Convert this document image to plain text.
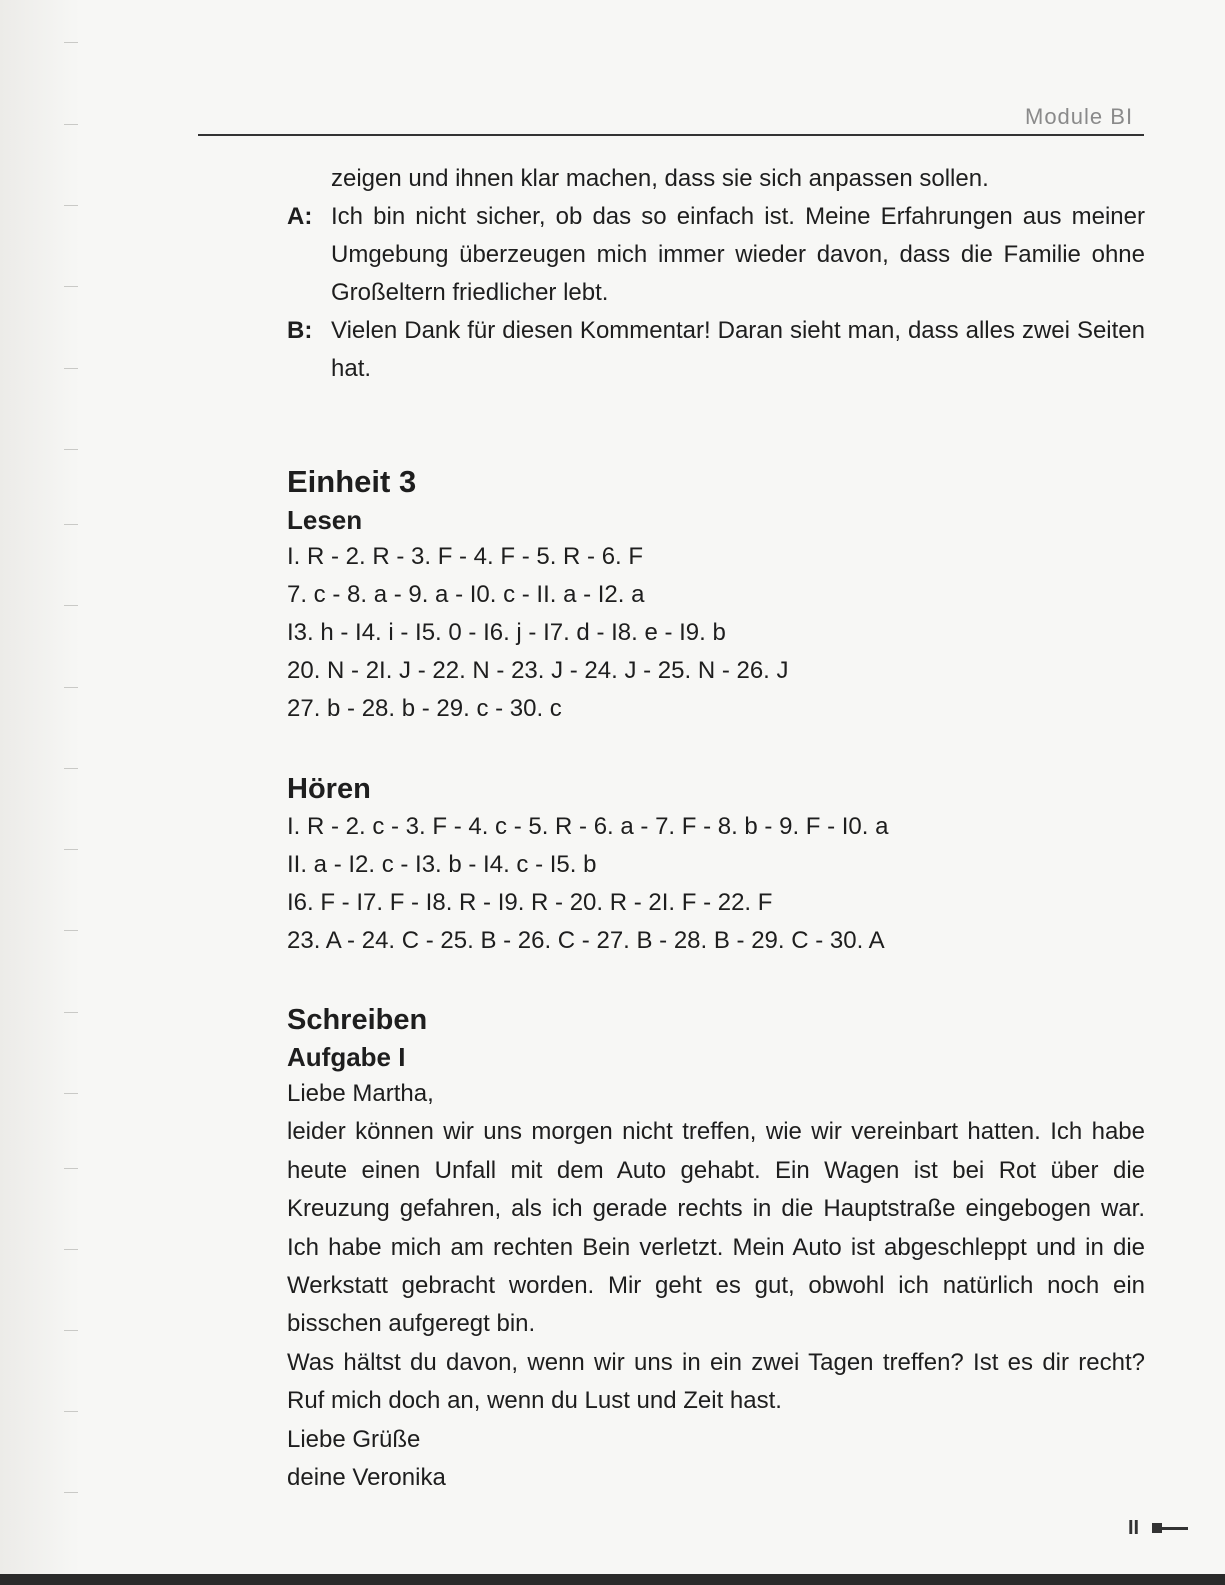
Module BI
zeigen und ihnen klar machen, dass sie sich anpassen sollen.
A: Ich bin nicht sicher, ob das so einfach ist. Meine Erfahrungen aus meiner Umgebung überzeugen mich immer wieder davon, dass die Familie ohne Großeltern friedlicher lebt.
B: Vielen Dank für diesen Kommentar! Daran sieht man, dass alles zwei Seiten hat.
Einheit 3
Lesen

I. R - 2. R - 3. F - 4. F - 5. R - 6. F

7. c - 8. a - 9. a - I0. c - II. a - I2. a

I3. h - I4. i - I5. 0 - I6. j - I7. d - I8. e - I9. b

20. N - 2I. J - 22. N - 23. J - 24. J - 25. N - 26. J

27. b - 28. b - 29. c - 30. c

Hören

I. R - 2. c - 3. F - 4. c - 5. R - 6. a - 7. F - 8. b - 9. F - I0. a

II. a - I2. c - I3. b - I4. c - I5. b

I6. F - I7. F - I8. R - I9. R - 20. R - 2I. F - 22. F

23. A - 24. C - 25. B - 26. C - 27. B - 28. B - 29. C - 30. A

Schreiben
Aufgabe I

Liebe Martha,

leider können wir uns morgen nicht treffen, wie wir vereinbart hatten. Ich habe heute einen Unfall mit dem Auto gehabt. Ein Wagen ist bei Rot über die Kreuzung gefahren, als ich gerade rechts in die Hauptstraße eingebogen war. Ich habe mich am rechten Bein verletzt. Mein Auto ist abgeschleppt und in die Werkstatt gebracht worden. Mir geht es gut, obwohl ich natürlich noch ein bisschen aufgeregt bin.

Was hältst du davon, wenn wir uns in ein zwei Tagen treffen? Ist es dir recht? Ruf mich doch an, wenn du Lust und Zeit hast.

Liebe Grüße

deine Veronika

II
